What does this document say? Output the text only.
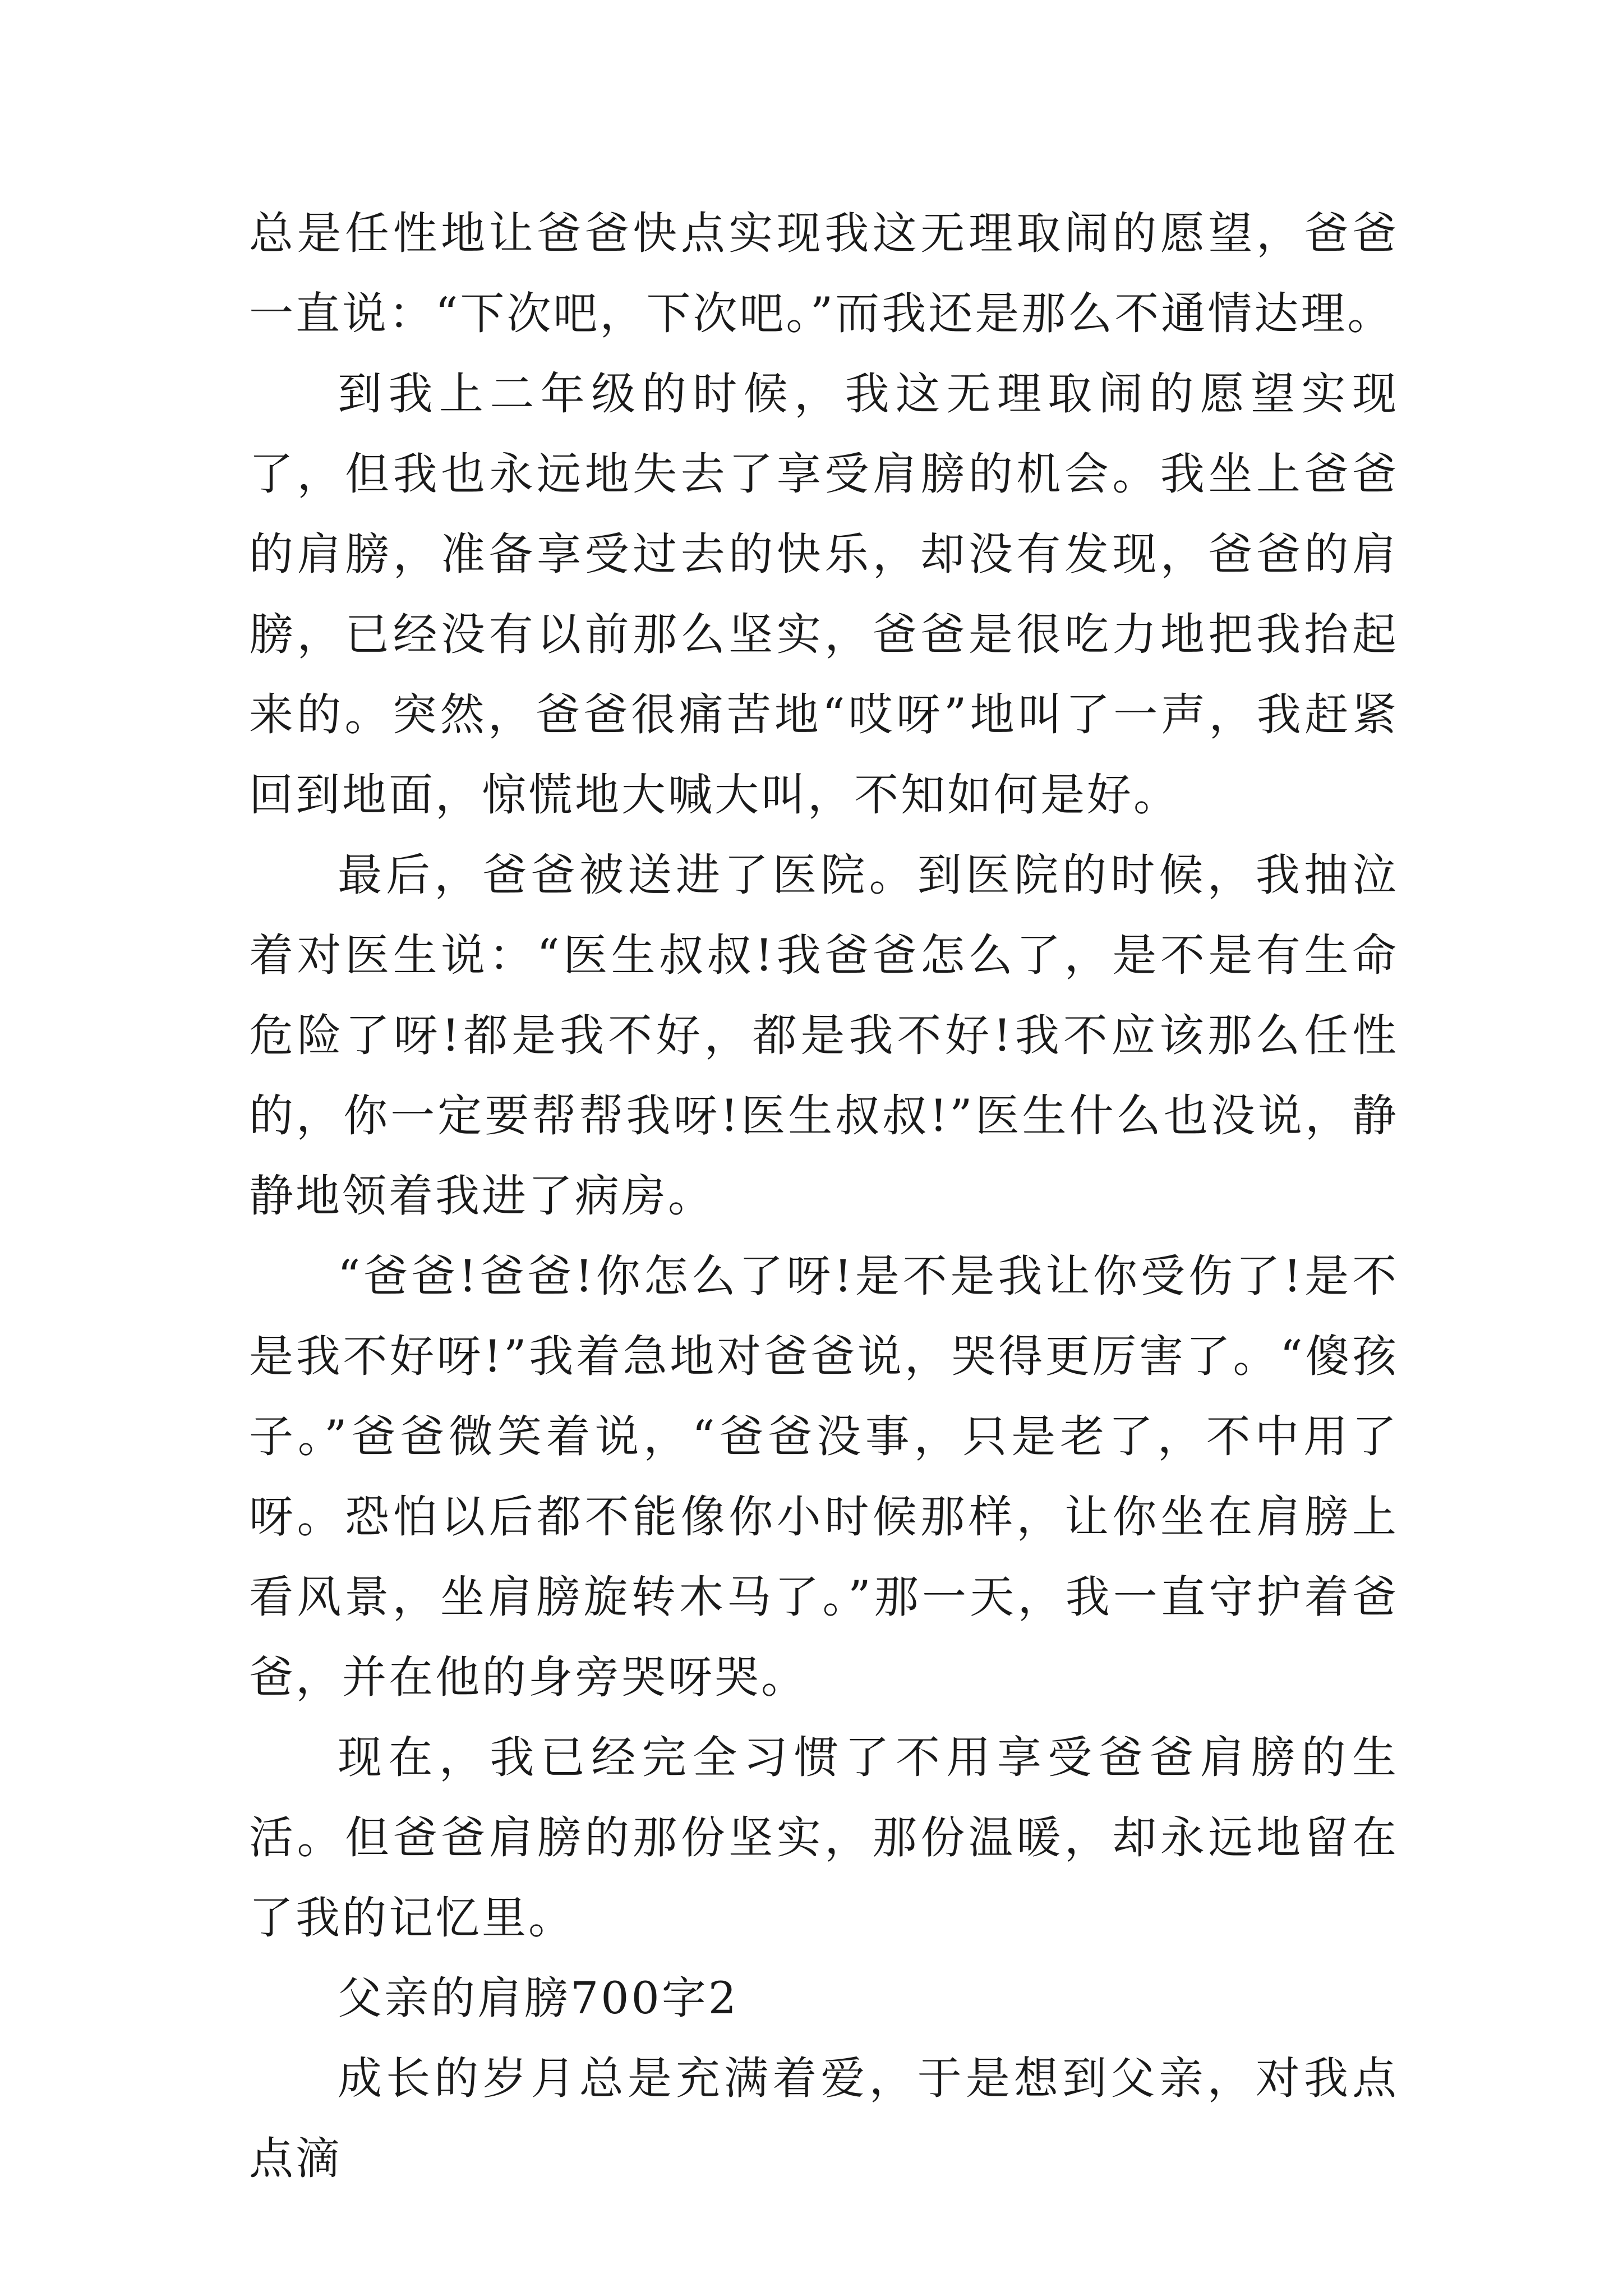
总是任性地让爸爸快点实现我这无理取闹的愿望，爸爸一直说：“下次吧，下次吧。”而我还是那么不通情达理。

到我上二年级的时候，我这无理取闹的愿望实现了，但我也永远地失去了享受肩膀的机会。我坐上爸爸的肩膀，准备享受过去的快乐，却没有发现，爸爸的肩膀，已经没有以前那么坚实，爸爸是很吃力地把我抬起来的。突然，爸爸很痛苦地“哎呀”地叫了一声，我赶紧回到地面，惊慌地大喊大叫，不知如何是好。

最后，爸爸被送进了医院。到医院的时候，我抽泣着对医生说：“医生叔叔!我爸爸怎么了，是不是有生命危险了呀!都是我不好，都是我不好!我不应该那么任性的，你一定要帮帮我呀!医生叔叔!”医生什么也没说，静静地领着我进了病房。

“爸爸!爸爸!你怎么了呀!是不是我让你受伤了!是不是我不好呀!”我着急地对爸爸说，哭得更厉害了。“傻孩子。”爸爸微笑着说，“爸爸没事，只是老了，不中用了呀。恐怕以后都不能像你小时候那样，让你坐在肩膀上看风景，坐肩膀旋转木马了。”那一天，我一直守护着爸爸，并在他的身旁哭呀哭。

现在，我已经完全习惯了不用享受爸爸肩膀的生活。但爸爸肩膀的那份坚实，那份温暖，却永远地留在了我的记忆里。

父亲的肩膀700字2

成长的岁月总是充满着爱，于是想到父亲，对我点点滴
